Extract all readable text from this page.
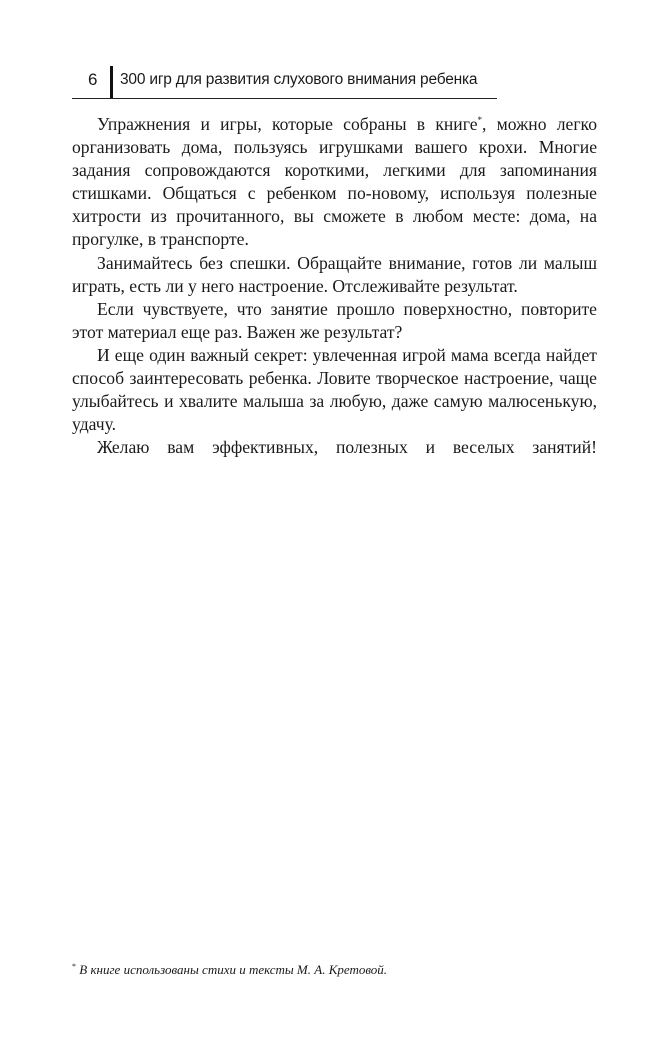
6 300 игр для развития слухового внимания ребенка

Упражнения и игры, которые собраны в книге*, можно легко организовать дома, пользуясь игрушками вашего крохи. Многие задания сопровождаются короткими, легкими для запоминания стишками. Общаться с ребенком по-новому, используя полезные хитрости из прочитанного, вы сможете в любом месте: дома, на прогулке, в транспорте.

Занимайтесь без спешки. Обращайте внимание, готов ли малыш играть, есть ли у него настроение. Отслеживайте результат.

Если чувствуете, что занятие прошло поверхностно, повторите этот материал еще раз. Важен же результат?

И еще один важный секрет: увлеченная игрой мама всегда найдет способ заинтересовать ребенка. Ловите творческое настроение, чаще улыбайтесь и хвалите малыша за любую, даже самую малюсенькую, удачу.

Желаю вам эффективных, полезных и веселых занятий!

* В книге использованы стихи и тексты М. А. Кретовой.
